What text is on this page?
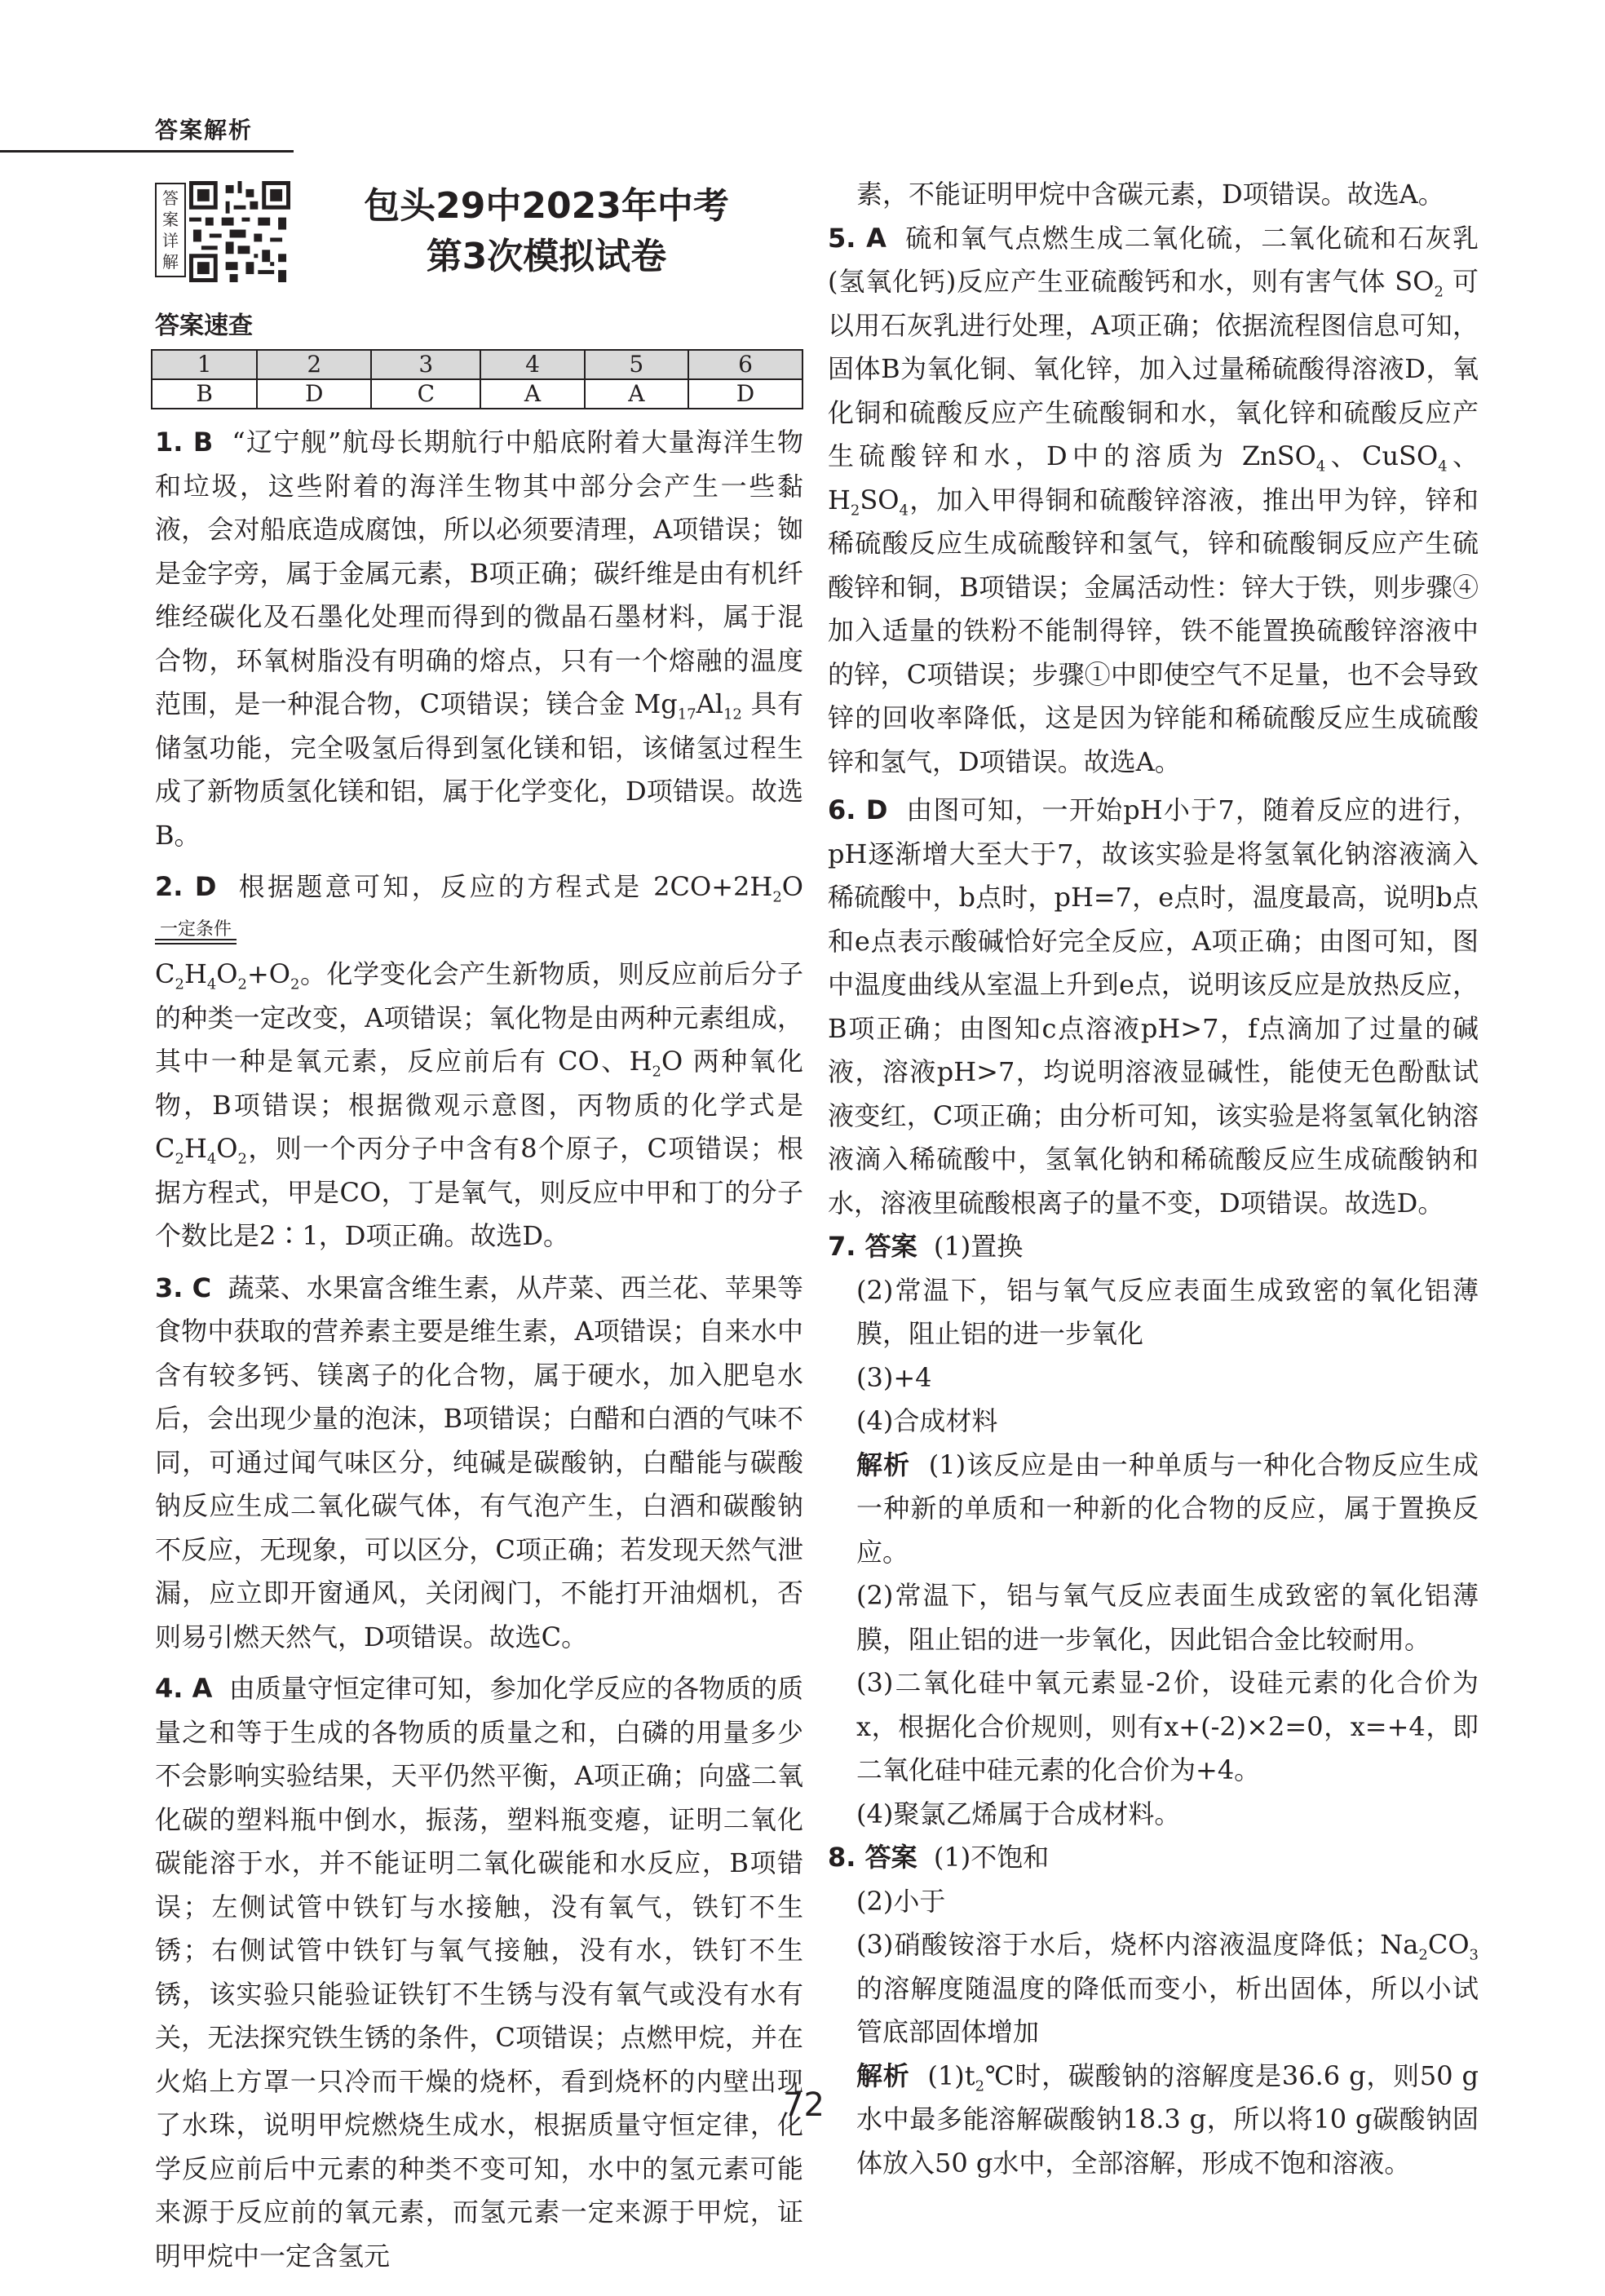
答案解析
答案详解
包头29中2023年中考
第3次模拟试卷
答案速查
1	2	3	4	5	6
B	D	C	A	A	D

1. B “辽宁舰”航母长期航行中船底附着大量海洋生物和垃圾，这些附着的海洋生物其中部分会产生一些黏液，会对船底造成腐蚀，所以必须要清理，A项错误；铷是金字旁，属于金属元素，B项正确；碳纤维是由有机纤维经碳化及石墨化处理而得到的微晶石墨材料，属于混合物，环氧树脂没有明确的熔点，只有一个熔融的温度范围，是一种混合物，C项错误；镁合金 $Mg_{17}Al_{12}$ 具有储氢功能，完全吸氢后得到氢化镁和铝，该储氢过程生成了新物质氢化镁和铝，属于化学变化，D项错误。故选B。

2. D 根据题意可知，反应的方程式是 $2CO+2H_2O$ 一定条件
$C_2H_4O_2+O_2$。化学变化会产生新物质，则反应前后分子的种类一定改变，A项错误；氧化物是由两种元素组成，其中一种是氧元素，反应前后有 CO、$H_2O$ 两种氧化物，B项错误；根据微观示意图，丙物质的化学式是 $C_2H_4O_2$，则一个丙分子中含有8个原子，C项错误；根据方程式，甲是CO，丁是氧气，则反应中甲和丁的分子个数比是2∶1，D项正确。故选D。

3. C 蔬菜、水果富含维生素，从芹菜、西兰花、苹果等食物中获取的营养素主要是维生素，A项错误；自来水中含有较多钙、镁离子的化合物，属于硬水，加入肥皂水后，会出现少量的泡沫，B项错误；白醋和白酒的气味不同，可通过闻气味区分，纯碱是碳酸钠，白醋能与碳酸钠反应生成二氧化碳气体，有气泡产生，白酒和碳酸钠不反应，无现象，可以区分，C项正确；若发现天然气泄漏，应立即开窗通风，关闭阀门，不能打开油烟机，否则易引燃天然气，D项错误。故选C。

4. A 由质量守恒定律可知，参加化学反应的各物质的质量之和等于生成的各物质的质量之和，白磷的用量多少不会影响实验结果，天平仍然平衡，A项正确；向盛二氧化碳的塑料瓶中倒水，振荡，塑料瓶变瘪，证明二氧化碳能溶于水，并不能证明二氧化碳能和水反应，B项错误；左侧试管中铁钉与水接触，没有氧气，铁钉不生锈；右侧试管中铁钉与氧气接触，没有水，铁钉不生锈，该实验只能验证铁钉不生锈与没有氧气或没有水有关，无法探究铁生锈的条件，C项错误；点燃甲烷，并在火焰上方罩一只冷而干燥的烧杯，看到烧杯的内壁出现了水珠，说明甲烷燃烧生成水，根据质量守恒定律，化学反应前后中元素的种类不变可知，水中的氢元素可能来源于反应前的氧元素，而氢元素一定来源于甲烷，证明甲烷中一定含氢元

素，不能证明甲烷中含碳元素，D项错误。故选A。

5. A 硫和氧气点燃生成二氧化硫，二氧化硫和石灰乳(氢氧化钙)反应产生亚硫酸钙和水，则有害气体 $SO_2$ 可以用石灰乳进行处理，A项正确；依据流程图信息可知，固体B为氧化铜、氧化锌，加入过量稀硫酸得溶液D，氧化铜和硫酸反应产生硫酸铜和水，氧化锌和硫酸反应产生硫酸锌和水，D中的溶质为 ZnSO$_4$、CuSO$_4$、$H_2SO_4$，加入甲得铜和硫酸锌溶液，推出甲为锌，锌和稀硫酸反应生成硫酸锌和氢气，锌和硫酸铜反应产生硫酸锌和铜，B项错误；金属活动性：锌大于铁，则步骤④加入适量的铁粉不能制得锌，铁不能置换硫酸锌溶液中的锌，C项错误；步骤①中即使空气不足量，也不会导致锌的回收率降低，这是因为锌能和稀硫酸反应生成硫酸锌和氢气，D项错误。故选A。

6. D 由图可知，一开始pH小于7，随着反应的进行，pH逐渐增大至大于7，故该实验是将氢氧化钠溶液滴入稀硫酸中，b点时，pH=7，e点时，温度最高，说明b点和e点表示酸碱恰好完全反应，A项正确；由图可知，图中温度曲线从室温上升到e点，说明该反应是放热反应，B项正确；由图知c点溶液pH>7，f点滴加了过量的碱液，溶液pH>7，均说明溶液显碱性，能使无色酚酞试液变红，C项正确；由分析可知，该实验是将氢氧化钠溶液滴入稀硫酸中，氢氧化钠和稀硫酸反应生成硫酸钠和水，溶液里硫酸根离子的量不变，D项错误。故选D。

7. 答案 (1)置换

(2)常温下，铝与氧气反应表面生成致密的氧化铝薄膜，阻止铝的进一步氧化

(3)+4

(4)合成材料

解析 (1)该反应是由一种单质与一种化合物反应生成一种新的单质和一种新的化合物的反应，属于置换反应。

(2)常温下，铝与氧气反应表面生成致密的氧化铝薄膜，阻止铝的进一步氧化，因此铝合金比较耐用。

(3)二氧化硅中氧元素显-2价，设硅元素的化合价为x，根据化合价规则，则有x+(-2)×2=0，x=+4，即二氧化硅中硅元素的化合价为+4。

(4)聚氯乙烯属于合成材料。

8. 答案 (1)不饱和

(2)小于

(3)硝酸铵溶于水后，烧杯内溶液温度降低；$Na_2CO_3$ 的溶解度随温度的降低而变小，析出固体，所以小试管底部固体增加

解析 $(1)t_2℃$时，碳酸钠的溶解度是36.6 g，则50 g水中最多能溶解碳酸钠18.3 g，所以将10 g碳酸钠固体放入50 g水中，全部溶解，形成不饱和溶液。

72
